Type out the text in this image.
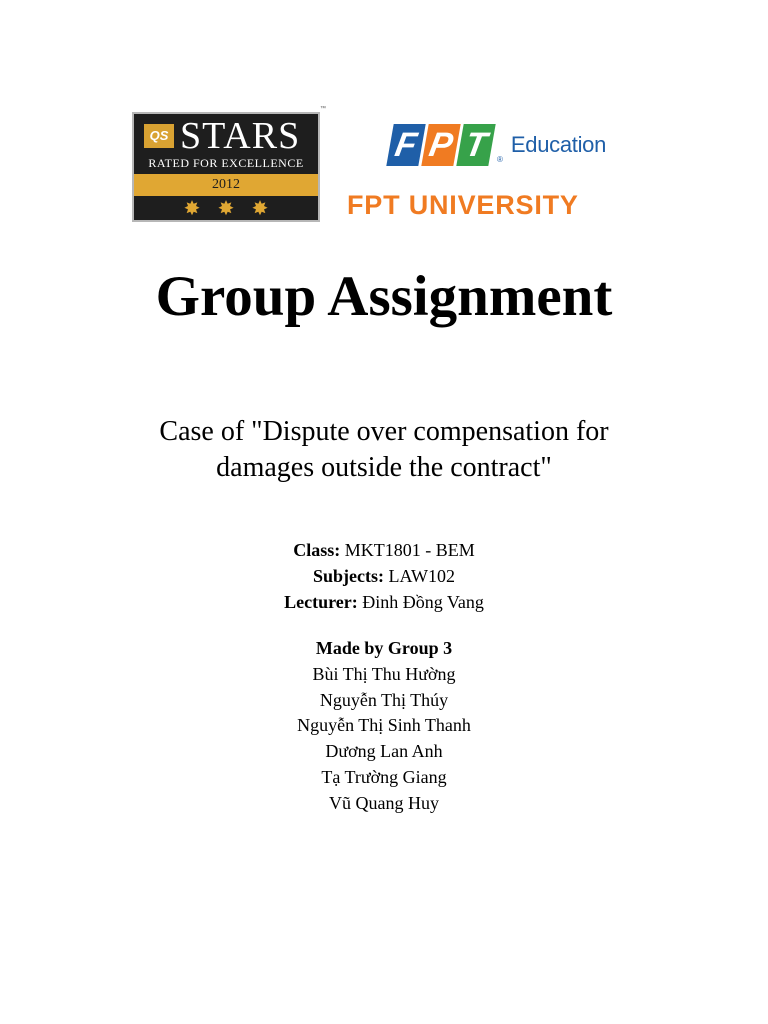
QS STARS
RATED FOR EXCELLENCE
2012
✸ ✸ ✸
™
F P T ®
Education
FPT UNIVERSITY
Group Assignment
Case of "Dispute over compensation for
damages outside the contract"
Class: MKT1801 - BEM
Subjects: LAW102
Lecturer: Đinh Đồng Vang
Made by Group 3
Bùi Thị Thu Hường
Nguyễn Thị Thúy
Nguyễn Thị Sinh Thanh
Dương Lan Anh
Tạ Trường Giang
Vũ Quang Huy
